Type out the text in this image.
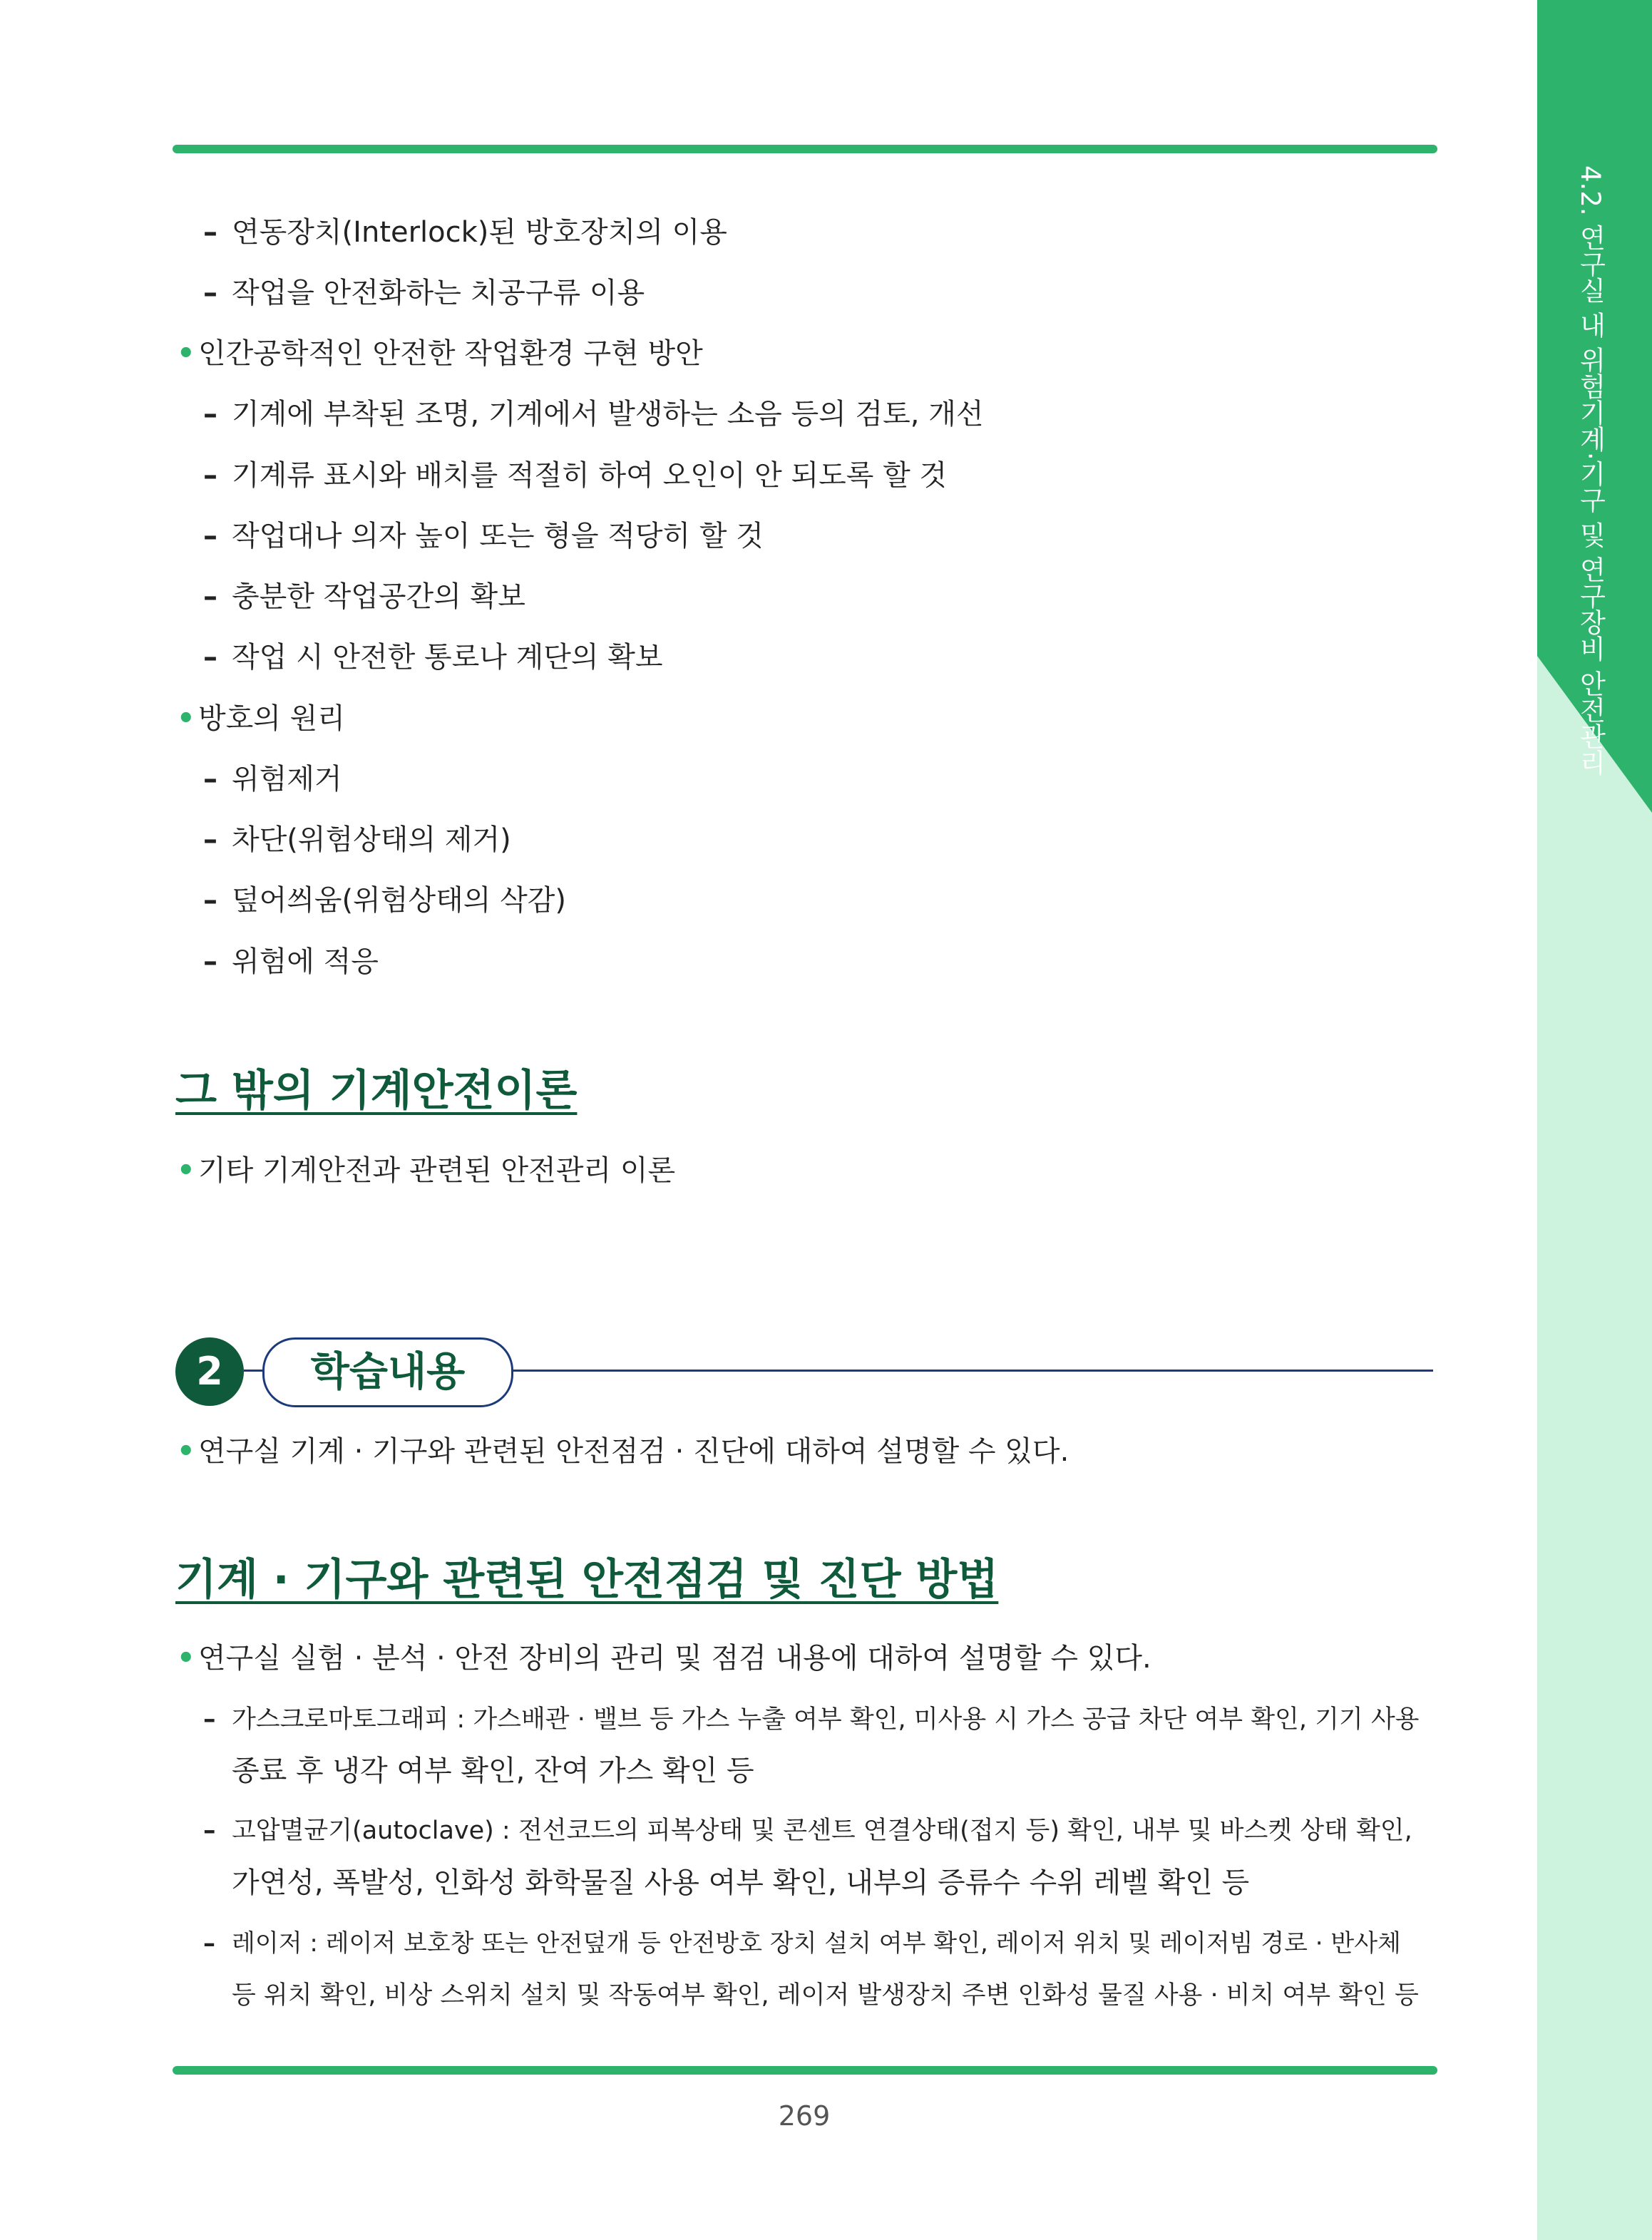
4.2. 연구실 내 위험기계·기구 및 연구장비 안전관리
– 연동장치(Interlock)된 방호장치의 이용
– 작업을 안전화하는 치공구류 이용
• 인간공학적인 안전한 작업환경 구현 방안
– 기계에 부착된 조명, 기계에서 발생하는 소음 등의 검토, 개선
– 기계류 표시와 배치를 적절히 하여 오인이 안 되도록 할 것
– 작업대나 의자 높이 또는 형을 적당히 할 것
– 충분한 작업공간의 확보
– 작업 시 안전한 통로나 계단의 확보
• 방호의 원리
– 위험제거
– 차단(위험상태의 제거)
– 덮어씌움(위험상태의 삭감)
– 위험에 적응
그 밖의 기계안전이론
• 기타 기계안전과 관련된 안전관리 이론
2	학습내용
• 연구실 기계 · 기구와 관련된 안전점검 · 진단에 대하여 설명할 수 있다.
기계 · 기구와 관련된 안전점검 및 진단 방법
• 연구실 실험 · 분석 · 안전 장비의 관리 및 점검 내용에 대하여 설명할 수 있다.
– 가스크로마토그래피 : 가스배관 · 밸브 등 가스 누출 여부 확인, 미사용 시 가스 공급 차단 여부 확인, 기기 사용
종료 후 냉각 여부 확인, 잔여 가스 확인 등
– 고압멸균기(autoclave) : 전선코드의 피복상태 및 콘센트 연결상태(접지 등) 확인, 내부 및 바스켓 상태 확인,
가연성, 폭발성, 인화성 화학물질 사용 여부 확인, 내부의 증류수 수위 레벨 확인 등
– 레이저 : 레이저 보호창 또는 안전덮개 등 안전방호 장치 설치 여부 확인, 레이저 위치 및 레이저빔 경로 · 반사체
등 위치 확인, 비상 스위치 설치 및 작동여부 확인, 레이저 발생장치 주변 인화성 물질 사용 · 비치 여부 확인 등
269
